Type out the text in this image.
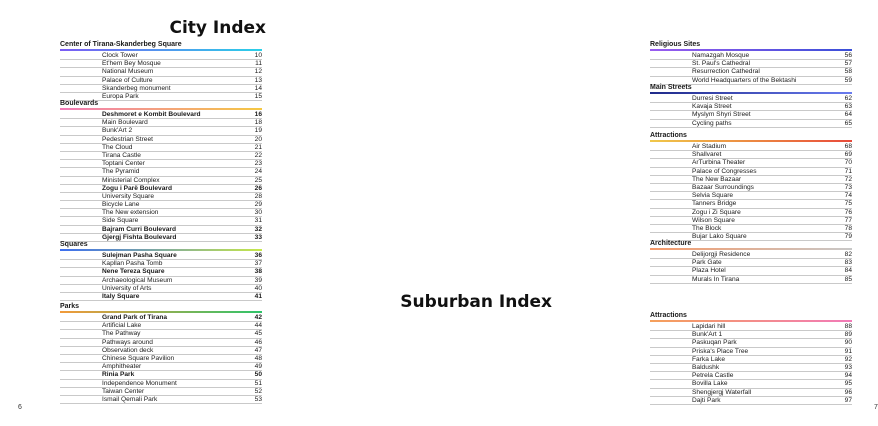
City Index
Center of Tirana-Skanderbeg Square
Clock Tower	10
Et'hem Bey Mosque	11
National Museum	12
Palace of Culture	13
Skanderbeg monument	14
Europa Park	15
Boulevards
Deshmoret e Kombit Boulevard	16
Main Boulevard	18
Bunk'Art 2	19
Pedestrian Street	20
The Cloud	21
Tirana Castle	22
Toptani Center	23
The Pyramid	24
Ministerial Complex	25
Zogu i Parë Boulevard	26
University Square	28
Bicycle Lane	29
The New extension	30
Side Square	31
Bajram Curri Boulevard	32
Gjergj Fishta Boulevard	33
Squares
Sulejman Pasha Square	36
Kapllan Pasha Tomb	37
Nene Tereza Square	38
Archaeological Museum	39
University of Arts	40
Italy Square	41
Parks
Grand Park of Tirana	42
Artificial Lake	44
The Pathway	45
Pathways around	46
Observation deck	47
Chinese Square Pavilion	48
Amphitheater	49
Rinia Park	50
Independence Monument	51
Taiwan Center	52
Ismail Qemali Park	53
6
Religious Sites
Namazgah Mosque	56
St. Paul's Cathedral	57
Resurrection Cathedral	58
World Headquarters of the Bektashi	59
Main Streets
Durresi Street	62
Kavaja Street	63
Myslym Shyri Street	64
Cycling paths	65
Attractions
Air Stadium	68
Shallvaret	69
ArTurbina Theater	70
Palace of Congresses	71
The New Bazaar	72
Bazaar Surroundings	73
Selvia Square	74
Tanners Bridge	75
Zogu i Zi Square	76
Wilson Square	77
The Block	78
Bujar Lako Square	79
Architecture
Delijorgji Residence	82
Park Gate	83
Plaza Hotel	84
Murals In Tirana	85
Suburban Index
Attractions
Lapidari hill	88
Bunk'Art 1	89
Paskuqan Park	90
Priska's Place Tree	91
Farka Lake	92
Baldushk	93
Petrela Castle	94
Bovilla Lake	95
Shengjergj Waterfall	96
Dajti Park	97
7
